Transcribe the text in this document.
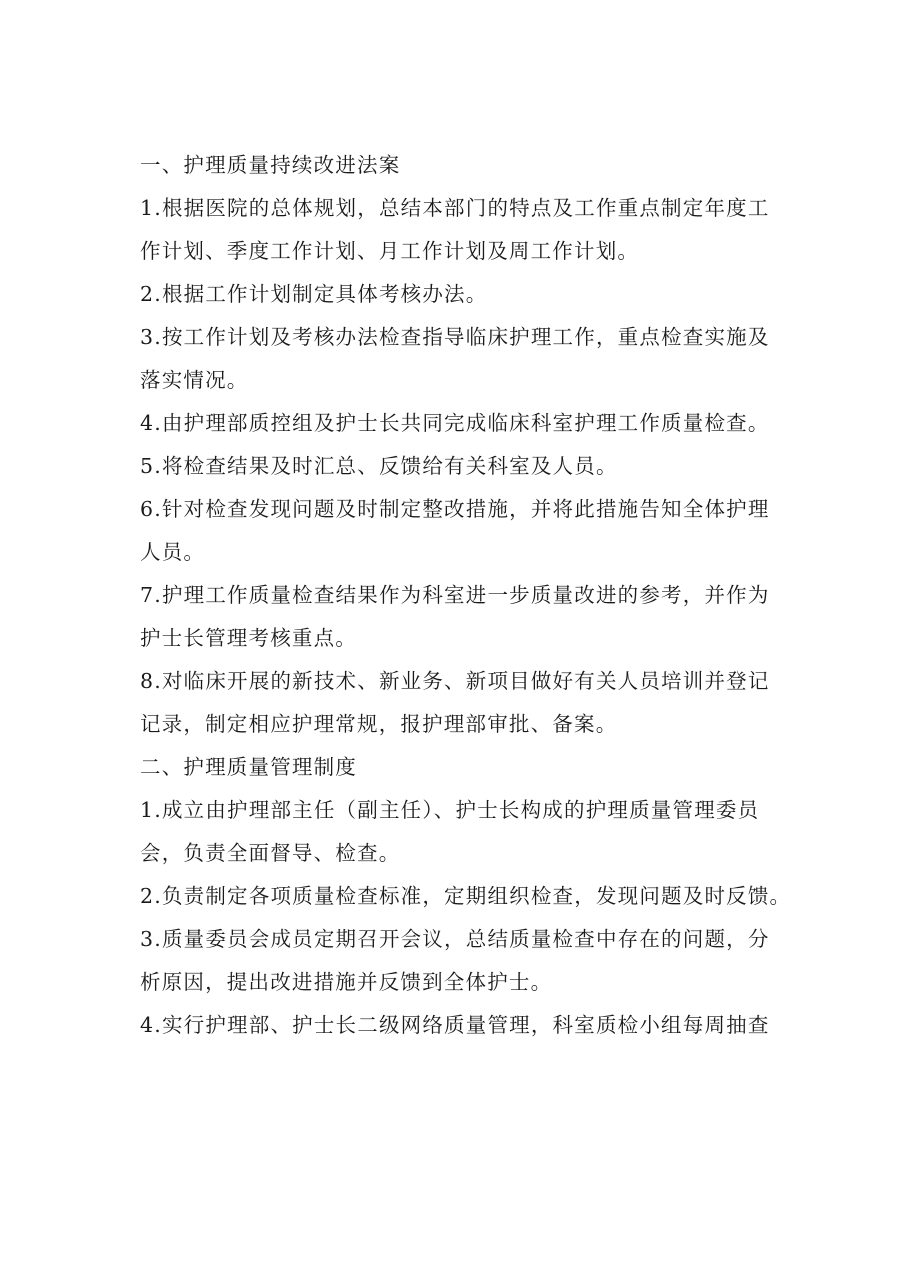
一、护理质量持续改进法案
1.根据医院的总体规划，总结本部门的特点及工作重点制定年度工
作计划、季度工作计划、月工作计划及周工作计划。
2.根据工作计划制定具体考核办法。
3.按工作计划及考核办法检查指导临床护理工作，重点检查实施及
落实情况。
4.由护理部质控组及护士长共同完成临床科室护理工作质量检查。
5.将检查结果及时汇总、反馈给有关科室及人员。
6.针对检查发现问题及时制定整改措施，并将此措施告知全体护理
人员。
7.护理工作质量检查结果作为科室进一步质量改进的参考，并作为
护士长管理考核重点。
8.对临床开展的新技术、新业务、新项目做好有关人员培训并登记
记录，制定相应护理常规，报护理部审批、备案。
二、护理质量管理制度
1.成立由护理部主任（副主任）、护士长构成的护理质量管理委员
会，负责全面督导、检查。
2.负责制定各项质量检查标准，定期组织检查，发现问题及时反馈。
3.质量委员会成员定期召开会议，总结质量检查中存在的问题，分
析原因，提出改进措施并反馈到全体护士。
4.实行护理部、护士长二级网络质量管理，科室质检小组每周抽查
